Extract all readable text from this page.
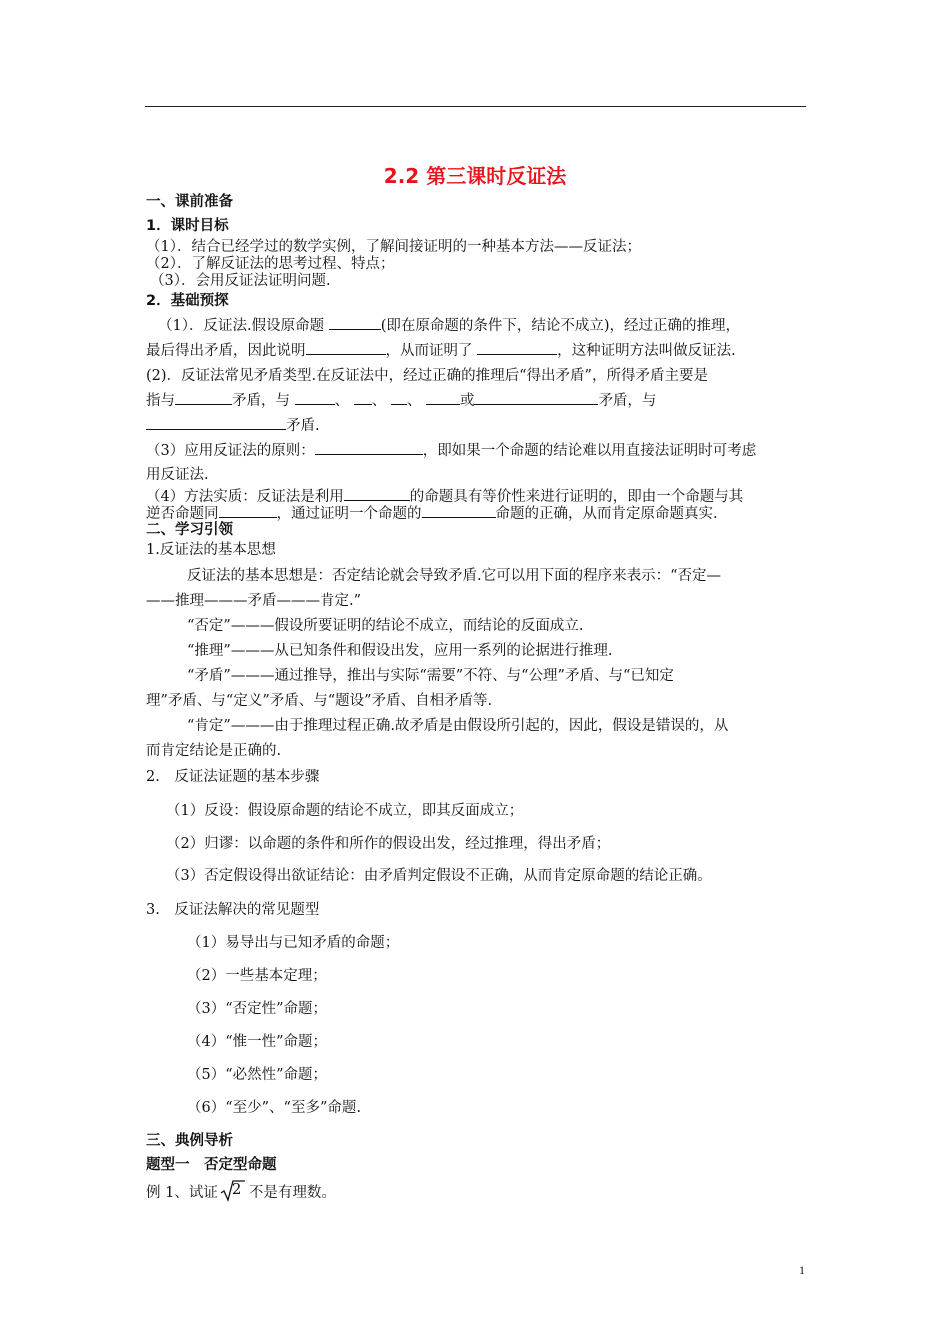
2.2 第三课时反证法
一、课前准备
1．课时目标
（1）．结合已经学过的数学实例，了解间接证明的一种基本方法——反证法；
（2）．了解反证法的思考过程、特点；
（3）．会用反证法证明问题.
2．基础预探
（1）．反证法.假设原命题	(即在原命题的条件下，结论不成立)，经过正确的推理，
最后得出矛盾，因此说明	，从而证明了	，这种证明方法叫做反证法.
(2)．反证法常见矛盾类型.在反证法中，经过正确的推理后“得出矛盾”，所得矛盾主要是
指与	矛盾，与	、 、 、	或	矛盾，与
矛盾.
（3）应用反证法的原则：	，即如果一个命题的结论难以用直接法证明时可考虑
用反证法.
（4）方法实质：反证法是利用	的命题具有等价性来进行证明的，即由一个命题与其
逆否命题同	，通过证明一个命题的	命题的正确，从而肯定原命题真实.
二、学习引领
1.反证法的基本思想
反证法的基本思想是：否定结论就会导致矛盾.它可以用下面的程序来表示：“否定—
——推理———矛盾———肯定.”
“否定”———假设所要证明的结论不成立，而结论的反面成立.
“推理”———从已知条件和假设出发，应用一系列的论据进行推理.
“矛盾”———通过推导，推出与实际“需要”不符、与“公理”矛盾、与“已知定
理”矛盾、与“定义”矛盾、与“题设”矛盾、自相矛盾等.
“肯定”———由于推理过程正确.故矛盾是由假设所引起的，因此，假设是错误的，从
而肯定结论是正确的.
2.　反证法证题的基本步骤
（1）反设：假设原命题的结论不成立，即其反面成立；
（2）归谬：以命题的条件和所作的假设出发，经过推理，得出矛盾；
（3）否定假设得出欲证结论：由矛盾判定假设不正确，从而肯定原命题的结论正确。
3.　反证法解决的常见题型
（1）易导出与已知矛盾的命题；
（2）一些基本定理；
（3）“否定性”命题；
（4）“惟一性”命题；
（5）“必然性”命题；
（6）“至少”、“至多”命题.
三、典例导析
题型一　否定型命题
例 1、试证 2 不是有理数。
1
